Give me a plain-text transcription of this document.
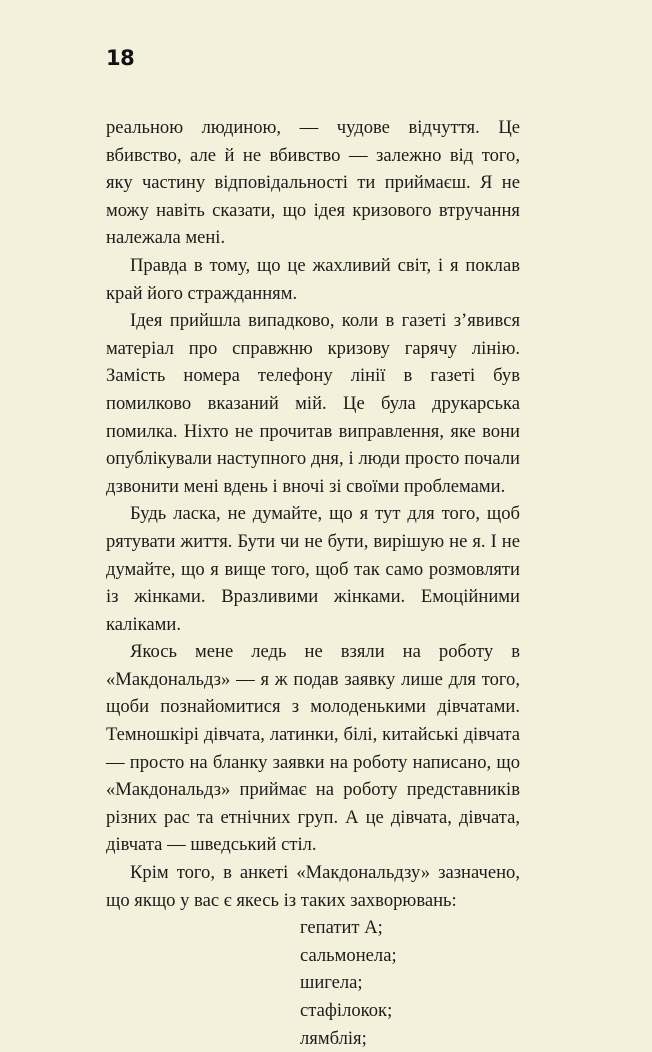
18

реальною людиною, — чудове відчуття. Це вбивство, але й не вбивство — залежно від того, яку частину відповідальності ти приймаєш. Я не можу навіть сказати, що ідея кризового втручання належала мені.

Правда в тому, що це жахливий світ, і я поклав край його стражданням.

Ідея прийшла випадково, коли в газеті з’явився матеріал про справжню кризову гарячу лінію. Замість номера телефону лінії в газеті був помилково вказаний мій. Це була друкарська помилка. Ніхто не прочитав виправлення, яке вони опублікували наступного дня, і люди просто почали дзвонити мені вдень і вночі зі своїми проблемами.

Будь ласка, не думайте, що я тут для того, щоб рятувати життя. Бути чи не бути, вирішую не я. І не думайте, що я вище того, щоб так само розмовляти із жінками. Вразливими жінками. Емоційними каліками.

Якось мене ледь не взяли на роботу в «Макдональдз» — я ж подав заявку лише для того, щоби познайомитися з молоденькими дівчатами. Темношкірі дівчата, латинки, білі, китайські дівчата — просто на бланку заявки на роботу написано, що «Макдональдз» приймає на роботу представників різних рас та етнічних груп. А це дівчата, дівчата, дівчата — шведський стіл.

Крім того, в анкеті «Макдональдзу» зазначено, що якщо у вас є якесь із таких захворювань:

гепатит А;
сальмонела;
шигела;
стафілокок;
лямблія;
